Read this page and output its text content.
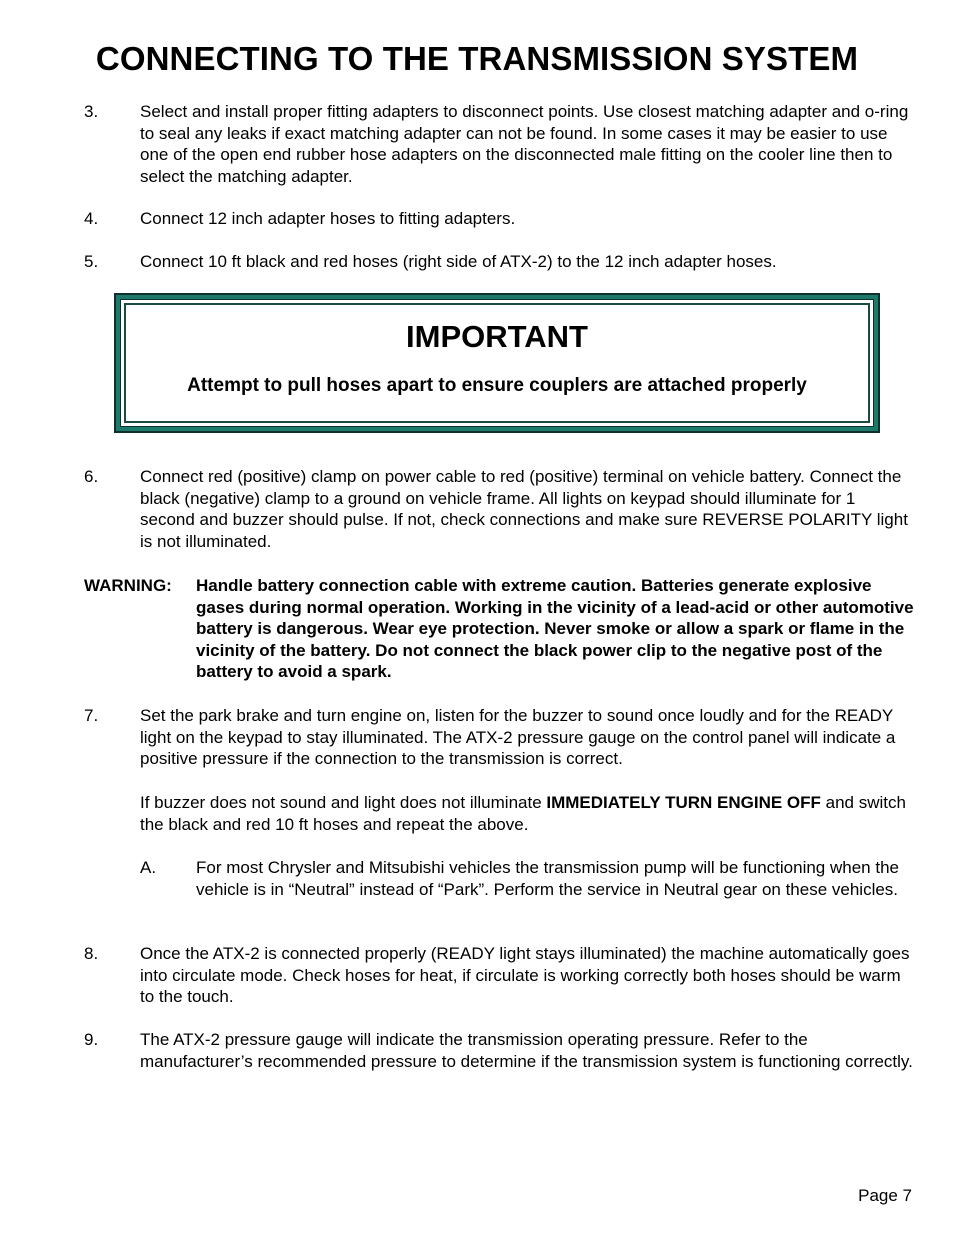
CONNECTING TO THE TRANSMISSION SYSTEM
3. Select and install proper fitting adapters to disconnect points. Use closest matching adapter and o-ring to seal any leaks if exact matching adapter can not be found. In some cases it may be easier to use one of the open end rubber hose adapters on the disconnected male fitting on the cooler line then to select the matching adapter.
4. Connect 12 inch adapter hoses to fitting adapters.
5. Connect 10 ft black and red hoses (right side of ATX-2) to the 12 inch adapter hoses.
IMPORTANT
Attempt to pull hoses apart to ensure couplers are attached properly
6. Connect red (positive) clamp on power cable to red (positive) terminal on vehicle battery. Connect the black (negative) clamp to a ground on vehicle frame. All lights on keypad should illuminate for 1 second and buzzer should pulse. If not, check connections and make sure REVERSE POLARITY light is not illuminated.
WARNING: Handle battery connection cable with extreme caution. Batteries generate explosive gases during normal operation. Working in the vicinity of a lead-acid or other automotive battery is dangerous. Wear eye protection. Never smoke or allow a spark or flame in the vicinity of the battery. Do not connect the black power clip to the negative post of the battery to avoid a spark.
7. Set the park brake and turn engine on, listen for the buzzer to sound once loudly and for the READY light on the keypad to stay illuminated. The ATX-2 pressure gauge on the control panel will indicate a positive pressure if the connection to the transmission is correct.
If buzzer does not sound and light does not illuminate IMMEDIATELY TURN ENGINE OFF and switch the black and red 10 ft hoses and repeat the above.
A. For most Chrysler and Mitsubishi vehicles the transmission pump will be functioning when the vehicle is in “Neutral” instead of “Park”. Perform the service in Neutral gear on these vehicles.
8. Once the ATX-2 is connected properly (READY light stays illuminated) the machine automatically goes into circulate mode. Check hoses for heat, if circulate is working correctly both hoses should be warm to the touch.
9. The ATX-2 pressure gauge will indicate the transmission operating pressure. Refer to the manufacturer’s recommended pressure to determine if the transmission system is functioning correctly.
Page 7
